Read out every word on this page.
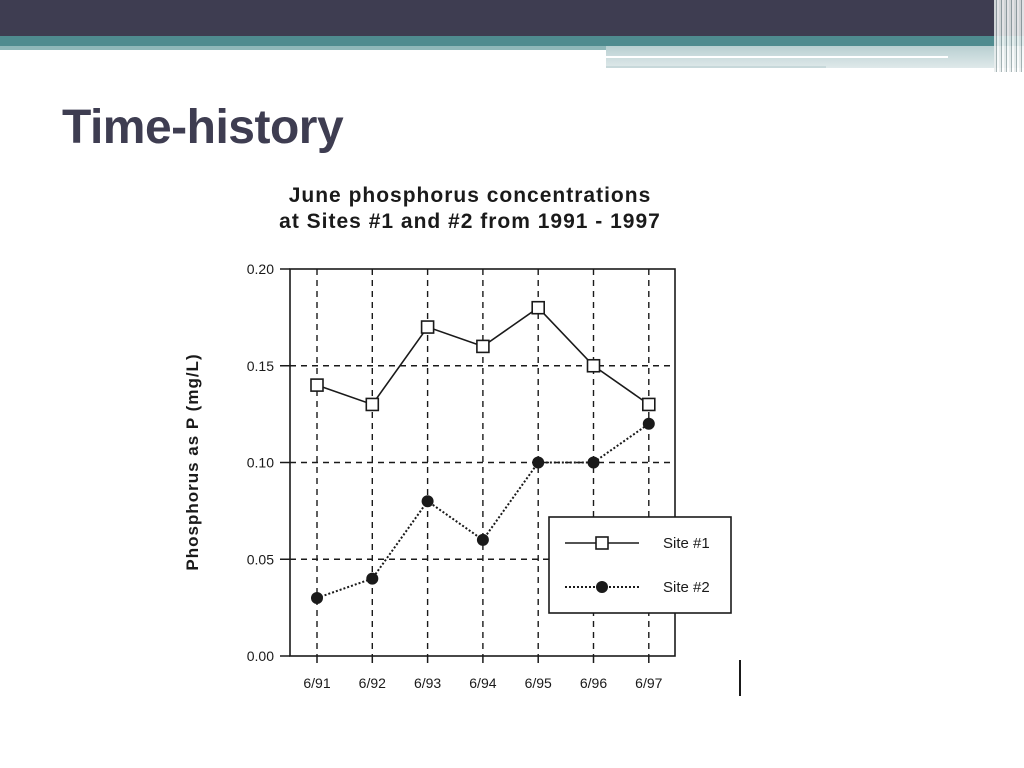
Time-history
June phosphorus concentrations
at Sites #1 and #2 from 1991 - 1997
Phosphorus as P (mg/L)
0.00
0.05
0.10
0.15
0.20
6/91 6/92 6/93 6/94 6/95 6/96 6/97
Site #1
Site #2
